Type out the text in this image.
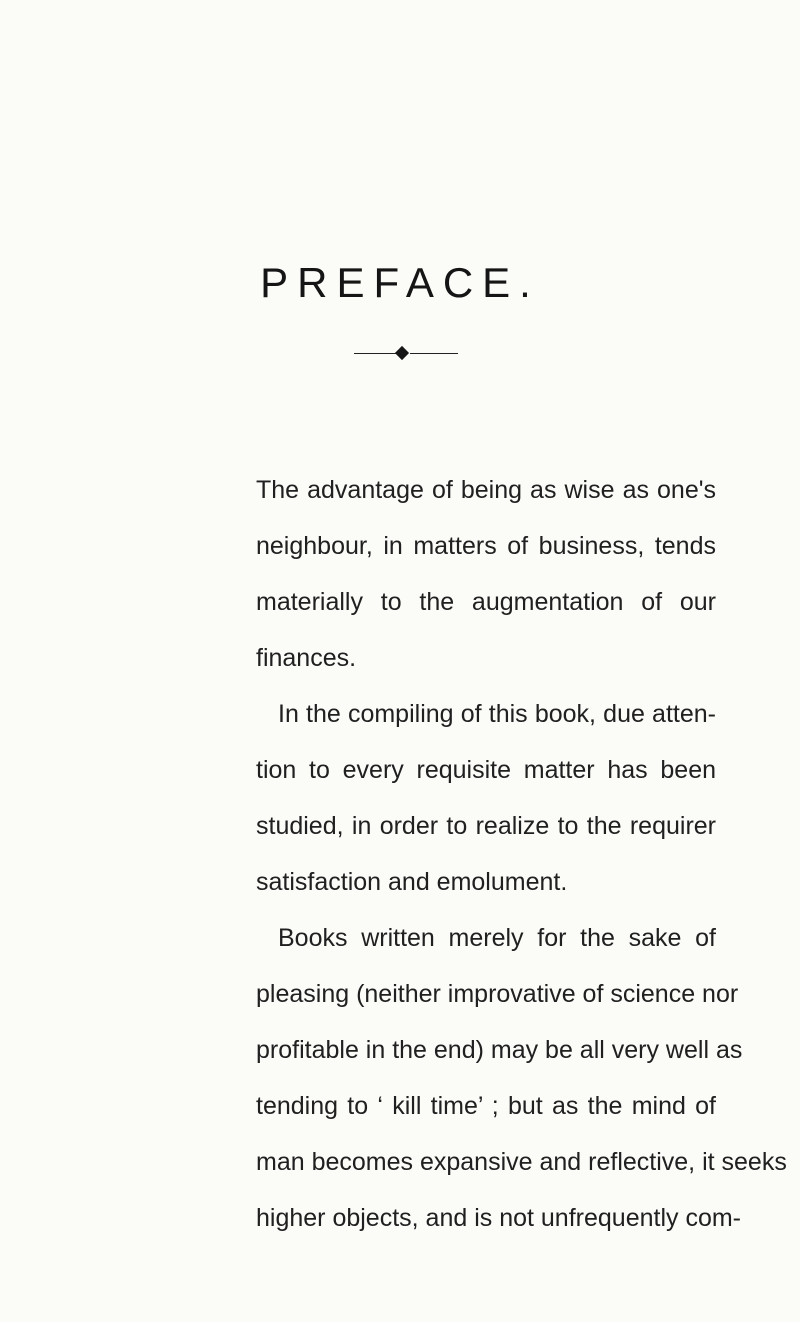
PREFACE.
The advantage of being as wise as one's
neighbour, in matters of business, tends
materially to the augmentation of our
finances.
In the compiling of this book, due atten-
tion to every requisite matter has been
studied, in order to realize to the requirer
satisfaction and emolument.
Books written merely for the sake of
pleasing (neither improvative of science nor
profitable in the end) may be all very well as
tending to ‘ kill time’ ; but as the mind of
man becomes expansive and reflective, it seeks
higher objects, and is not unfrequently com-
